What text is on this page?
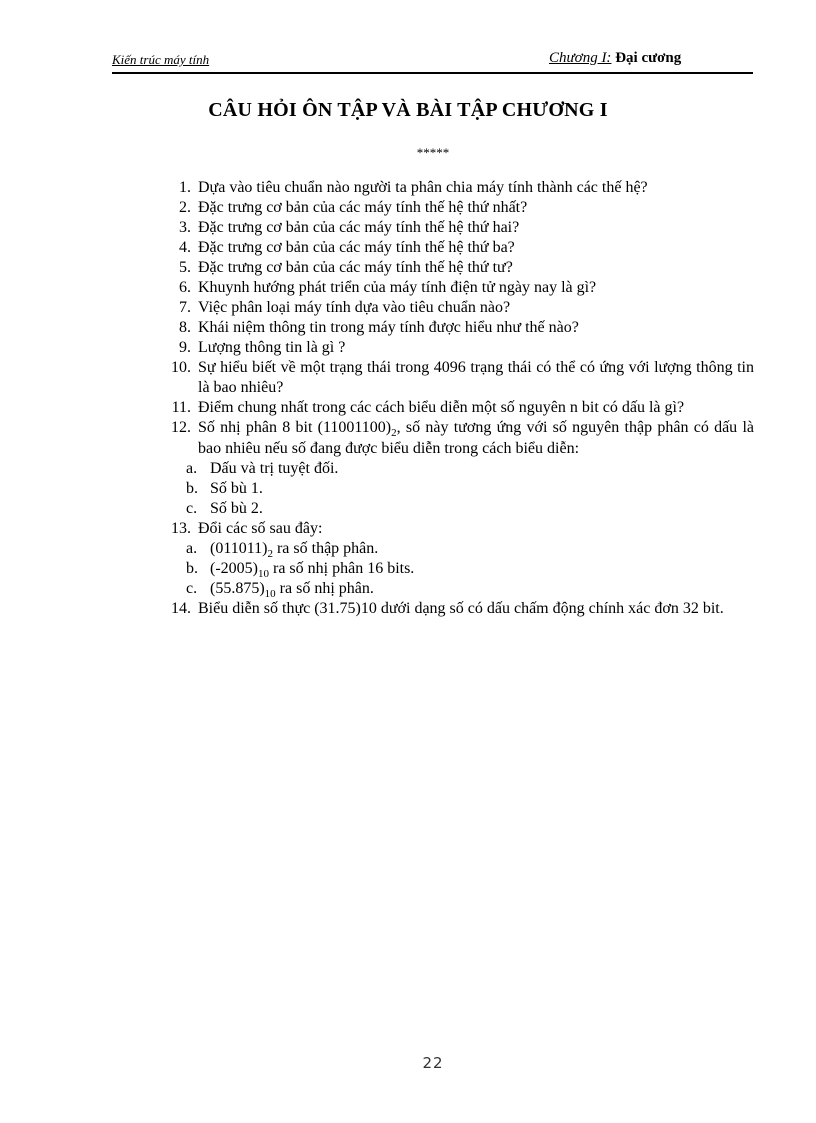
Kiến trúc máy tính	Chương I: Đại cương
CÂU HỎI ÔN TẬP VÀ BÀI TẬP CHƯƠNG I
*****
1. Dựa vào tiêu chuẩn nào người ta phân chia máy tính thành các thế hệ?
2. Đặc trưng cơ bản của các máy tính thế hệ thứ nhất?
3. Đặc trưng cơ bản của các máy tính thế hệ thứ hai?
4. Đặc trưng cơ bản của các máy tính thế hệ thứ ba?
5. Đặc trưng cơ bản của các máy tính thế hệ thứ tư?
6. Khuynh hướng phát triển của máy tính điện tử ngày nay là gì?
7. Việc phân loại máy tính dựa vào tiêu chuẩn nào?
8. Khái niệm thông tin trong máy tính được hiểu như thế nào?
9. Lượng thông tin là gì ?
10. Sự hiểu biết về một trạng thái trong 4096 trạng thái có thể có ứng với lượng thông tin là bao nhiêu?
11. Điểm chung nhất trong các cách biểu diễn một số nguyên n bit có dấu là gì?
12. Số nhị phân 8 bit $(11001100)_2$, số này tương ứng với số nguyên thập phân có dấu là bao nhiêu nếu số đang được biểu diễn trong cách biểu diễn:
a. Dấu và trị tuyệt đối.
b. Số bù 1.
c. Số bù 2.
13. Đổi các số sau đây:
a. $(011011)_2$ ra số thập phân.
b. $(-2005)_{10}$ ra số nhị phân 16 bits.
c. $(55.875)_{10}$ ra số nhị phân.
14. Biểu diễn số thực (31.75)10 dưới dạng số có dấu chấm động chính xác đơn 32 bit.
22
